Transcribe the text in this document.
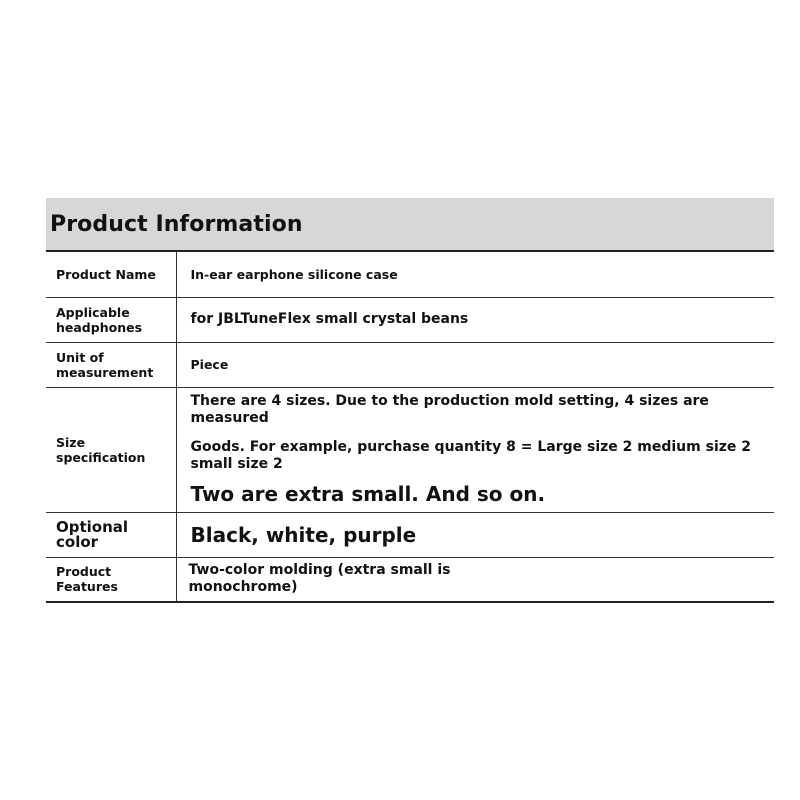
Product Information
Product Name	In-ear earphone silicone case
Applicable headphones	for JBLTuneFlex small crystal beans
Unit of measurement	Piece
Size specification	There are 4 sizes. Due to the production mold setting, 4 sizes are measured
Goods. For example, purchase quantity 8 = Large size 2 medium size 2 small size 2
Two are extra small. And so on.

Optional color	Black, white, purple
Product Features	Two-color molding (extra small is monochrome)
